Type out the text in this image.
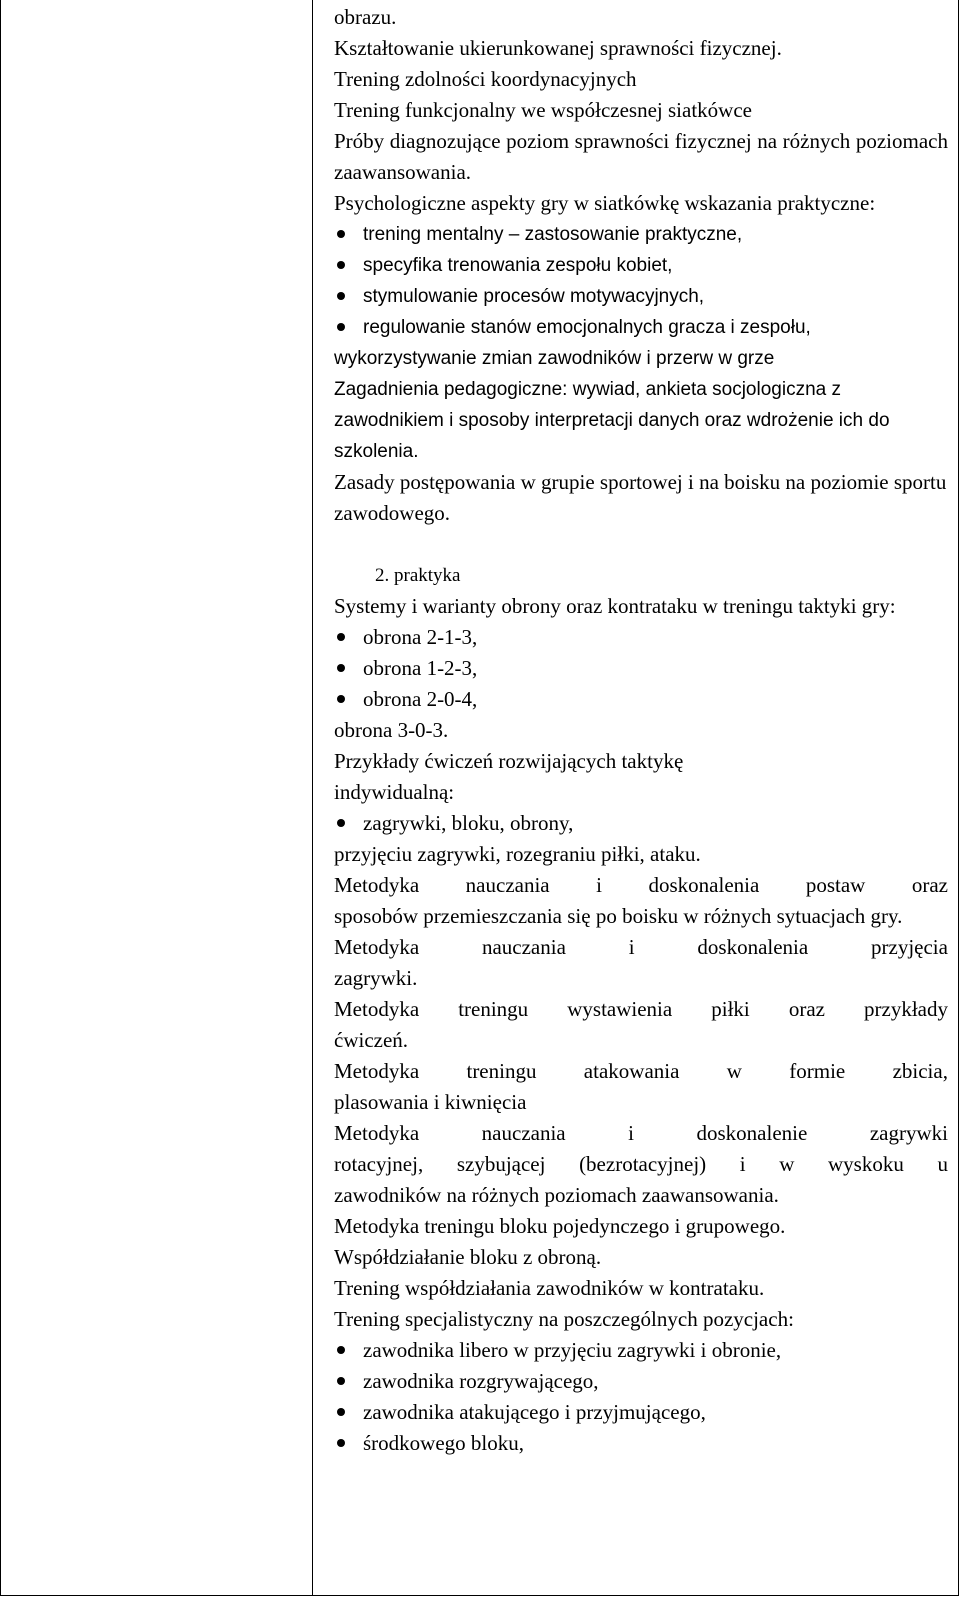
obrazu.

Kształtowanie ukierunkowanej sprawności fizycznej.

Trening zdolności koordynacyjnych

Trening funkcjonalny we współczesnej siatkówce

Próby diagnozujące poziom sprawności fizycznej na różnych poziomach zaawansowania.

Psychologiczne aspekty gry w siatkówkę wskazania praktyczne:

trening mentalny – zastosowanie praktyczne,
specyfika trenowania zespołu kobiet,
stymulowanie procesów motywacyjnych,
regulowanie stanów emocjonalnych gracza i zespołu,

wykorzystywanie zmian zawodników i przerw w grze

Zagadnienia pedagogiczne: wywiad, ankieta socjologiczna z zawodnikiem i sposoby interpretacji danych oraz wdrożenie ich do szkolenia.

Zasady postępowania w grupie sportowej i na boisku na poziomie sportu zawodowego.

2. praktyka

Systemy i warianty obrony oraz kontrataku w treningu taktyki gry:

obrona 2-1-3,
obrona 1-2-3,
obrona 2-0-4,

obrona 3-0-3.

Przykłady ćwiczeń rozwijających taktykę indywidualną:

zagrywki, bloku, obrony,

przyjęciu zagrywki, rozegraniu piłki, ataku.

Metodyka nauczania i doskonalenia postaw oraz

sposobów przemieszczania się po boisku w różnych sytuacjach gry.

Metodyka	nauczania	i	doskonalenia	przyjęcia

zagrywki.

Metodyka treningu wystawienia piłki oraz przykłady

ćwiczeń.

Metodyka treningu atakowania w formie zbicia,

plasowania i kiwnięcia

Metodyka	nauczania	i	doskonalenie	zagrywki
rotacyjnej, szybującej (bezrotacyjnej) i w wyskoku u

zawodników na różnych poziomach zaawansowania.

Metodyka treningu bloku pojedynczego i grupowego.

Współdziałanie bloku z obroną.

Trening współdziałania zawodników w kontrataku.

Trening specjalistyczny na poszczególnych pozycjach:

zawodnika libero w przyjęciu zagrywki i obronie,
zawodnika rozgrywającego,
zawodnika atakującego i przyjmującego,
środkowego bloku,
